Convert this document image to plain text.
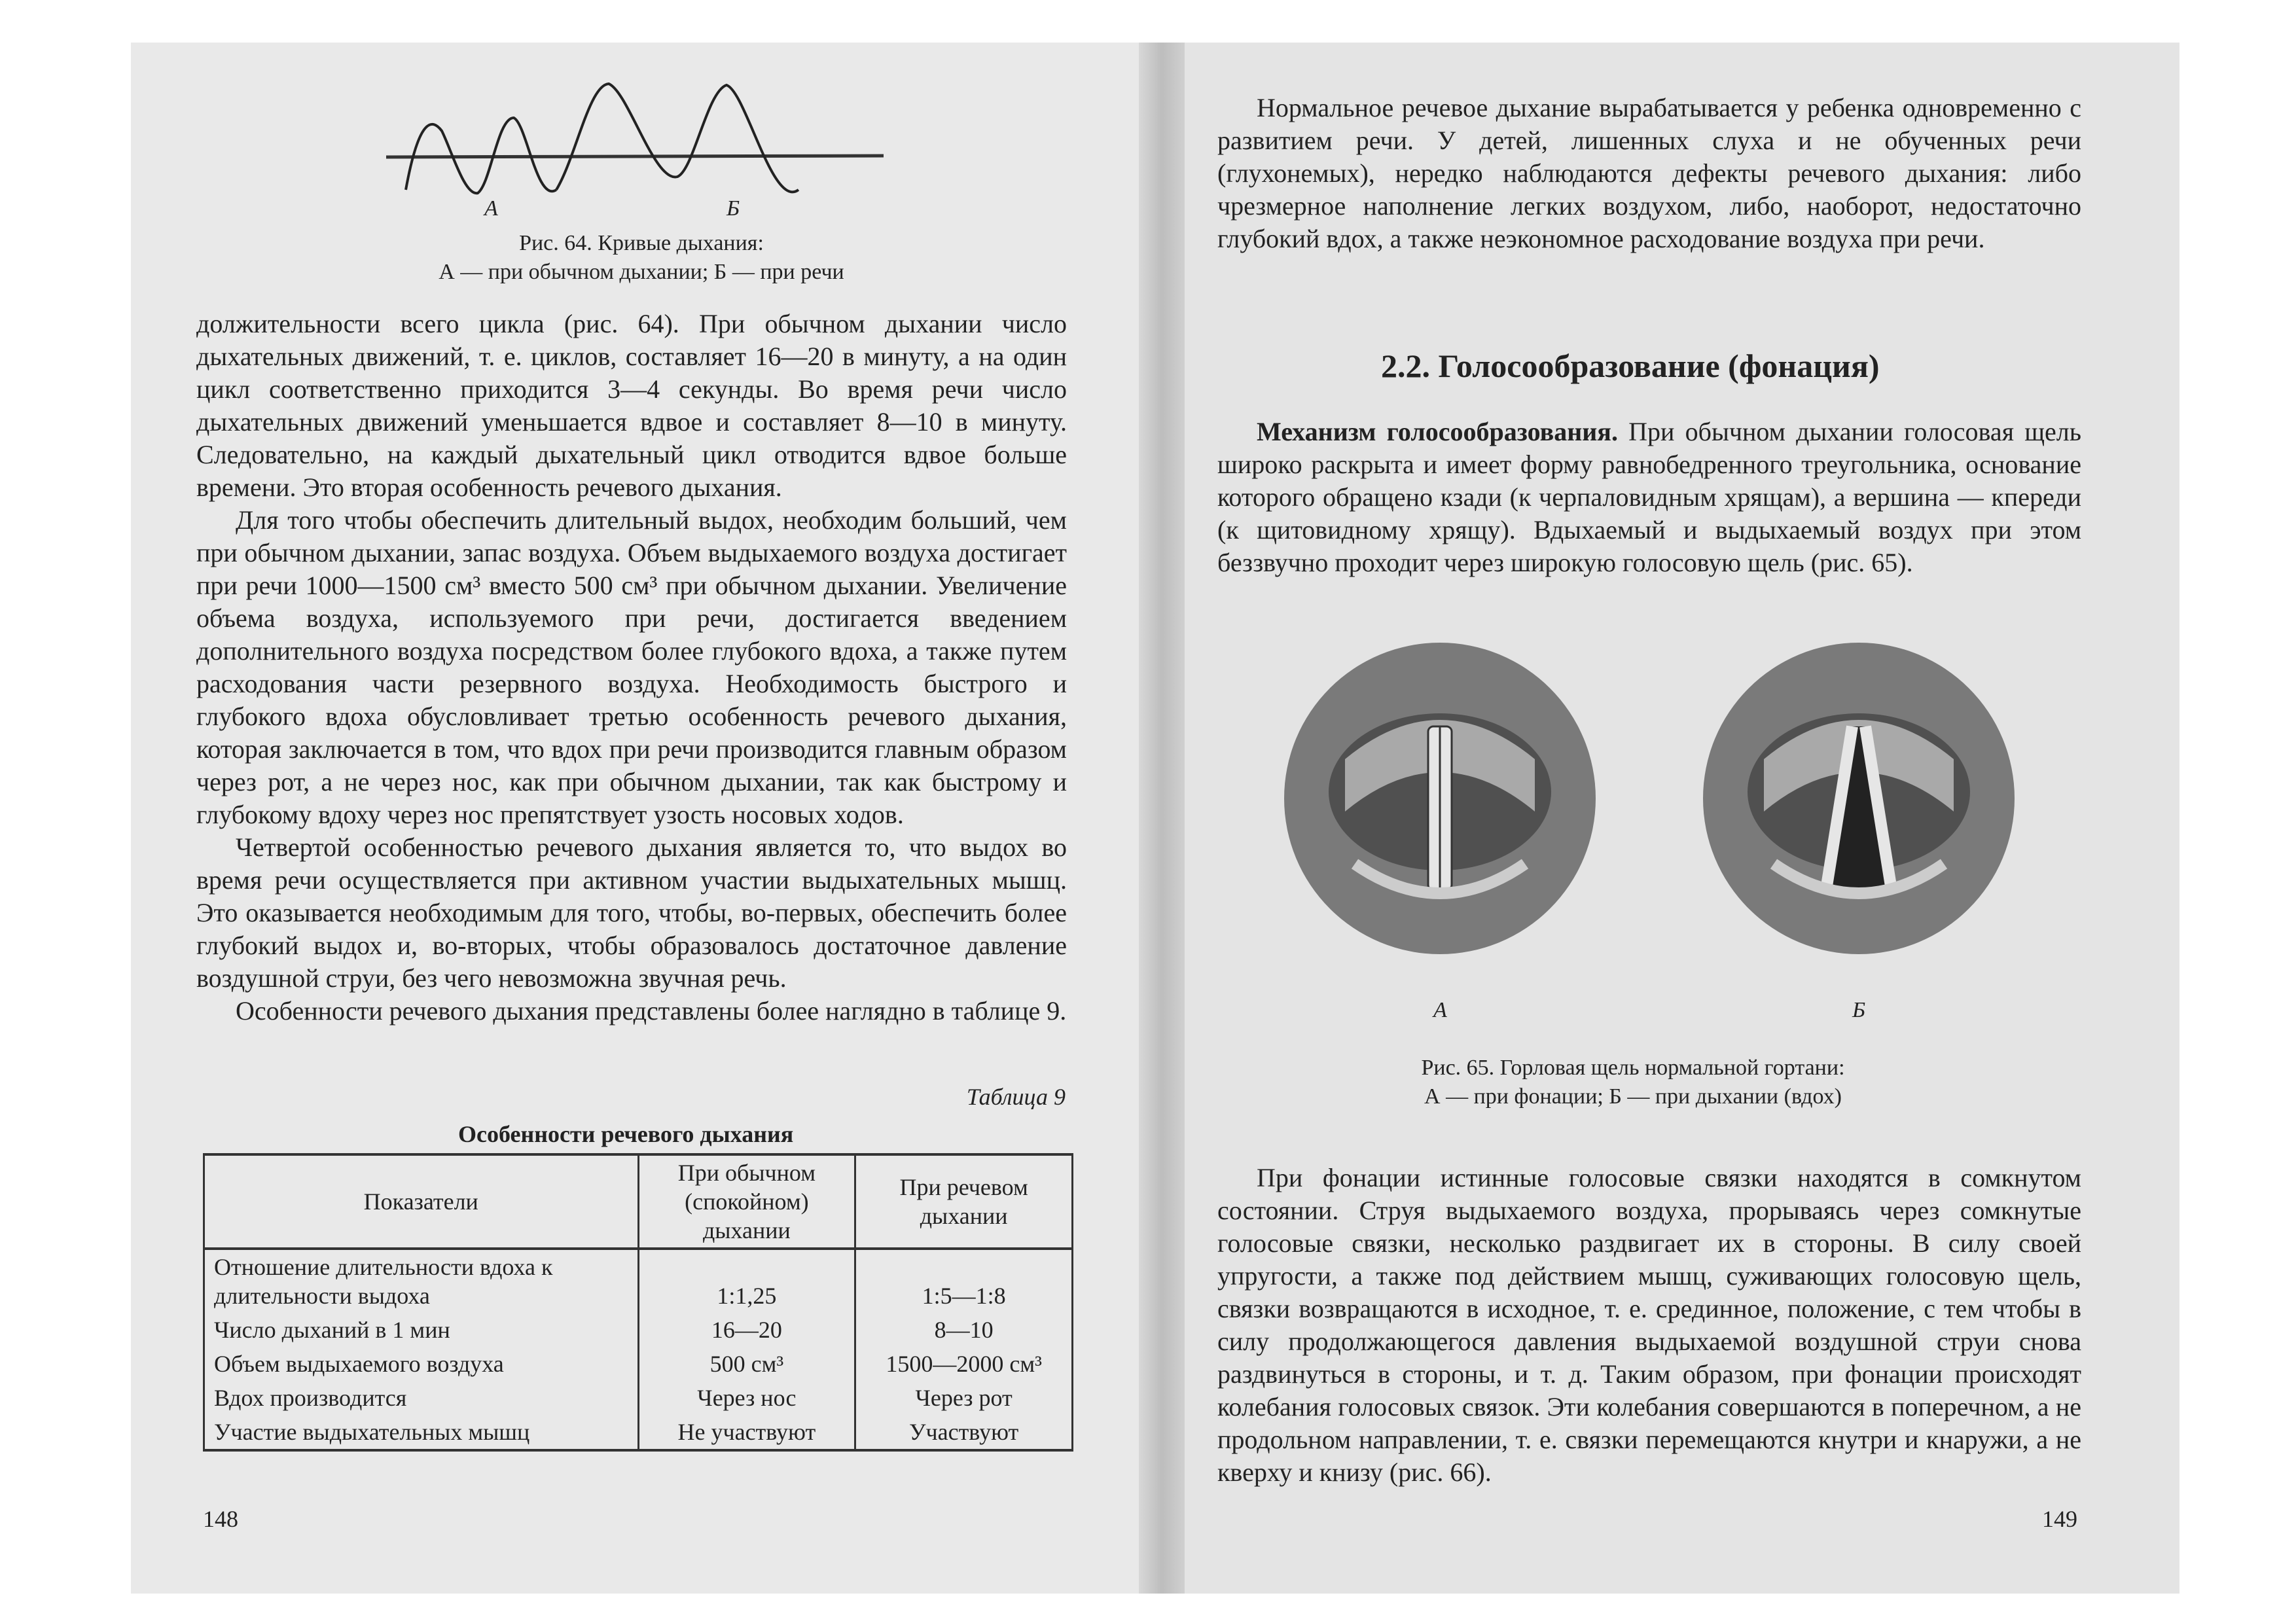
А	Б
Рис. 64. Кривые дыхания:
А — при обычном дыхании; Б — при речи

должительности всего цикла (рис. 64). При обычном дыхании число дыхательных движений, т. е. циклов, составляет 16—20 в минуту, а на один цикл соответственно приходится 3—4 секунды. Во время речи число дыхательных движений уменьшается вдвое и составляет 8—10 в минуту. Следовательно, на каждый дыхательный цикл отводится вдвое больше времени. Это вторая особенность речевого дыхания.

Для того чтобы обеспечить длительный выдох, необходим больший, чем при обычном дыхании, запас воздуха. Объем выдыхаемого воздуха достигает при речи 1000—1500 см³ вместо 500 см³ при обычном дыхании. Увеличение объема воздуха, используемого при речи, достигается введением дополнительного воздуха посредством более глубокого вдоха, а также путем расходования части резервного воздуха. Необходимость быстрого и глубокого вдоха обусловливает третью особенность речевого дыхания, которая заключается в том, что вдох при речи производится главным образом через рот, а не через нос, как при обычном дыхании, так как быстрому и глубокому вдоху через нос препятствует узость носовых ходов.

Четвертой особенностью речевого дыхания является то, что выдох во время речи осуществляется при активном участии выдыхательных мышц. Это оказывается необходимым для того, чтобы, во-первых, обеспечить более глубокий выдох и, во-вторых, чтобы образовалось достаточное давление воздушной струи, без чего невозможна звучная речь.

Особенности речевого дыхания представлены более наглядно в таблице 9.

Таблица 9
Особенности речевого дыхания
Показатели	При обычном (спокойном) дыхании	При речевом дыхании
Отношение длительности вдоха к длительности выдоха	1:1,25	1:5—1:8
Число дыханий в 1 мин	16—20	8—10
Объем выдыхаемого воздуха	500 см³	1500—2000 см³
Вдох производится	Через нос	Через рот
Участие выдыхательных мышц	Не участвуют	Участвуют
148

Нормальное речевое дыхание вырабатывается у ребенка одновременно с развитием речи. У детей, лишенных слуха и не обученных речи (глухонемых), нередко наблюдаются дефекты речевого дыхания: либо чрезмерное наполнение легких воздухом, либо, наоборот, недостаточно глубокий вдох, а также неэкономное расходование воздуха при речи.

2.2. Голосообразование (фонация)

Механизм голосообразования. При обычном дыхании голосовая щель широко раскрыта и имеет форму равнобедренного треугольника, основание которого обращено кзади (к черпаловидным хрящам), а вершина — кпереди (к щитовидному хрящу). Вдыхаемый и выдыхаемый воздух при этом беззвучно проходит через широкую голосовую щель (рис. 65).

А	Б
Рис. 65. Горловая щель нормальной гортани:
А — при фонации; Б — при дыхании (вдох)

При фонации истинные голосовые связки находятся в сомкнутом состоянии. Струя выдыхаемого воздуха, прорываясь через сомкнутые голосовые связки, несколько раздвигает их в стороны. В силу своей упругости, а также под действием мышц, суживающих голосовую щель, связки возвращаются в исходное, т. е. срединное, положение, с тем чтобы в силу продолжающегося давления выдыхаемой воздушной струи снова раздвинуться в стороны, и т. д. Таким образом, при фонации происходят колебания голосовых связок. Эти колебания совершаются в поперечном, а не продольном направлении, т. е. связки перемещаются кнутри и кнаружи, а не кверху и книзу (рис. 66).

149
